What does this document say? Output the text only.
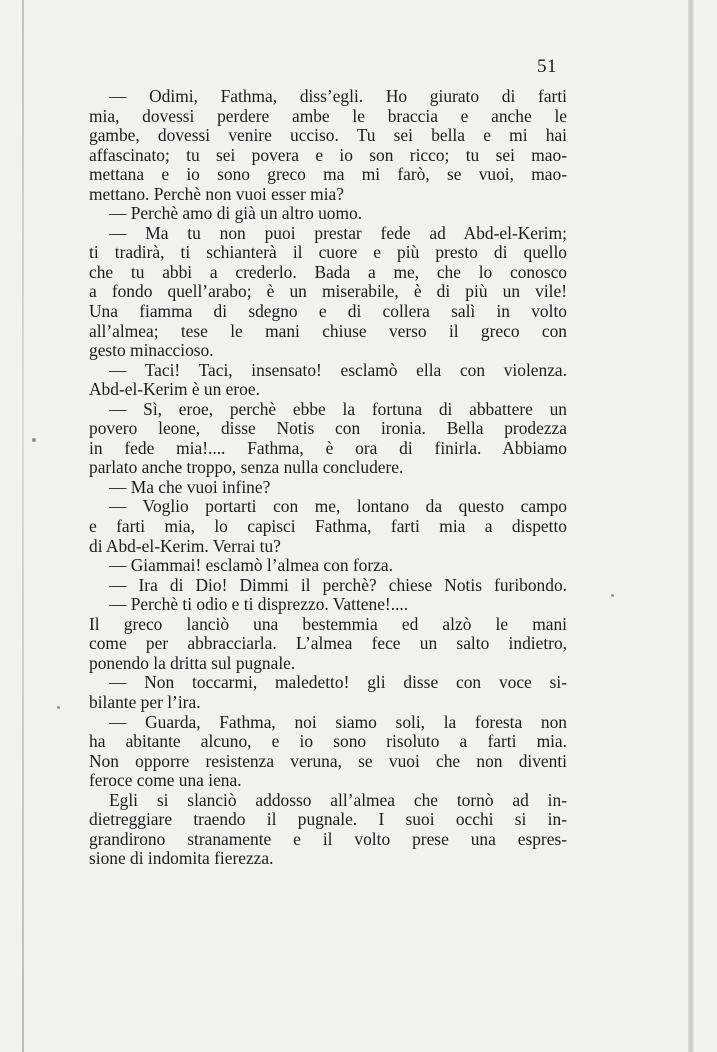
51
— Odimi, Fathma, diss’egli. Ho giurato di farti
mia, dovessi perdere ambe le braccia e anche le
gambe, dovessi venire ucciso. Tu sei bella e mi hai
affascinato; tu sei povera e io son ricco; tu sei mao-
mettana e io sono greco ma mi farò, se vuoi, mao-
mettano. Perchè non vuoi esser mia?
— Perchè amo di già un altro uomo.
— Ma tu non puoi prestar fede ad Abd-el-Kerim;
ti tradirà, ti schianterà il cuore e più presto di quello
che tu abbi a crederlo. Bada a me, che lo conosco
a fondo quell’arabo; è un miserabile, è di più un vile!
Una fiamma di sdegno e di collera salì in volto
all’almea; tese le mani chiuse verso il greco con
gesto minaccioso.
— Taci! Taci, insensato! esclamò ella con violenza.
Abd-el-Kerim è un eroe.
— Sì, eroe, perchè ebbe la fortuna di abbattere un
povero leone, disse Notis con ironia. Bella prodezza
in fede mia!.... Fathma, è ora di finirla. Abbiamo
parlato anche troppo, senza nulla concludere.
— Ma che vuoi infine?
— Voglio portarti con me, lontano da questo campo
e farti mia, lo capisci Fathma, farti mia a dispetto
di Abd-el-Kerim. Verrai tu?
— Giammai! esclamò l’almea con forza.
— Ira di Dio! Dimmi il perchè? chiese Notis furibondo.
— Perchè ti odio e ti disprezzo. Vattene!....
Il greco lanciò una bestemmia ed alzò le mani
come per abbracciarla. L’almea fece un salto indietro,
ponendo la dritta sul pugnale.
— Non toccarmi, maledetto! gli disse con voce si-
bilante per l’ira.
— Guarda, Fathma, noi siamo soli, la foresta non
ha abitante alcuno, e io sono risoluto a farti mia.
Non opporre resistenza veruna, se vuoi che non diventi
feroce come una iena.
Egli si slanciò addosso all’almea che tornò ad in-
dietreggiare traendo il pugnale. I suoi occhi si in-
grandirono stranamente e il volto prese una espres-
sione di indomita fierezza.
